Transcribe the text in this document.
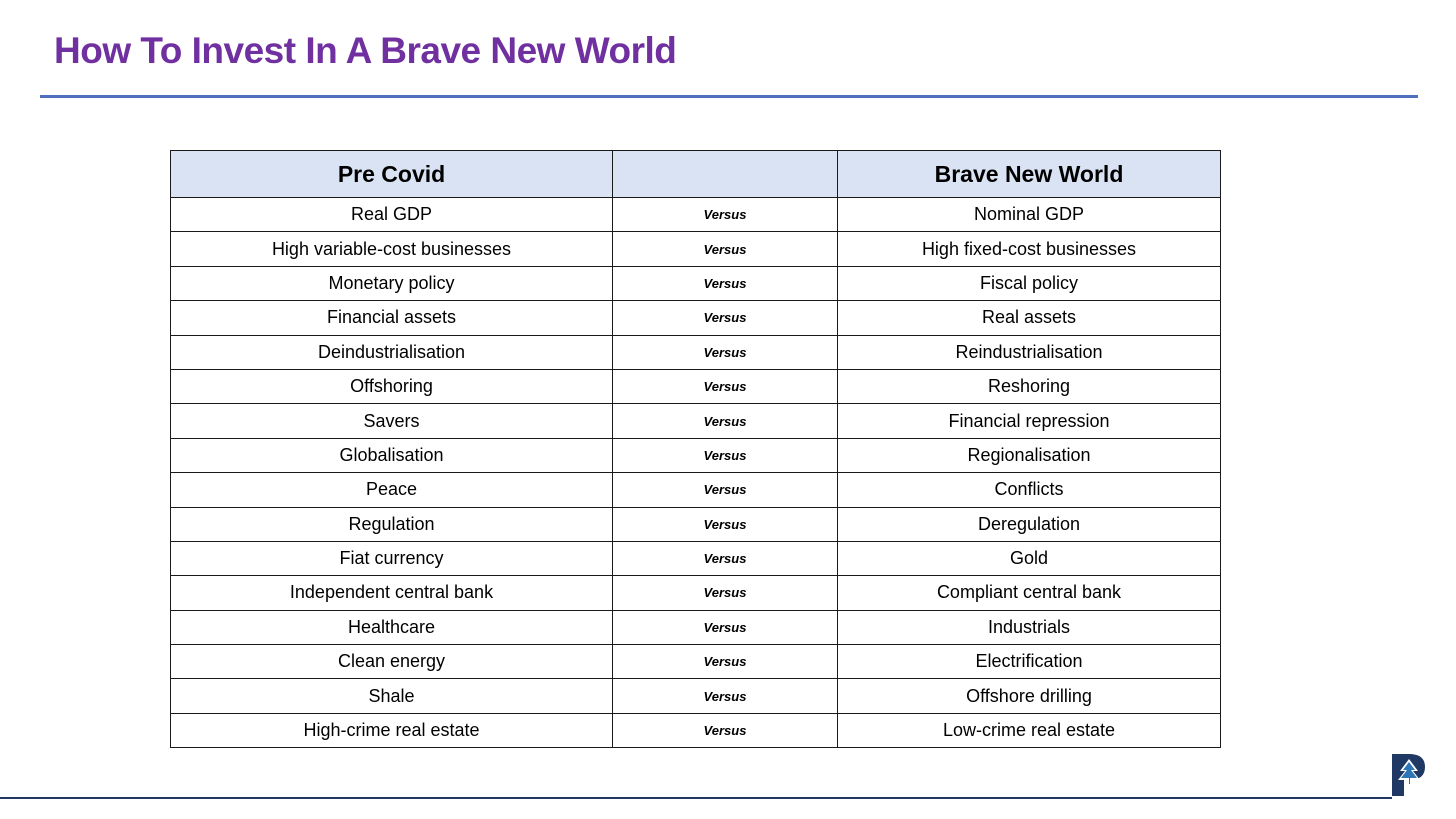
How To Invest In A Brave New World
Pre Covid		Brave New World
Real GDP	Versus	Nominal GDP
High variable-cost businesses	Versus	High fixed-cost businesses
Monetary policy	Versus	Fiscal policy
Financial assets	Versus	Real assets
Deindustrialisation	Versus	Reindustrialisation
Offshoring	Versus	Reshoring
Savers	Versus	Financial repression
Globalisation	Versus	Regionalisation
Peace	Versus	Conflicts
Regulation	Versus	Deregulation
Fiat currency	Versus	Gold
Independent central bank	Versus	Compliant central bank
Healthcare	Versus	Industrials
Clean energy	Versus	Electrification
Shale	Versus	Offshore drilling
High-crime real estate	Versus	Low-crime real estate
